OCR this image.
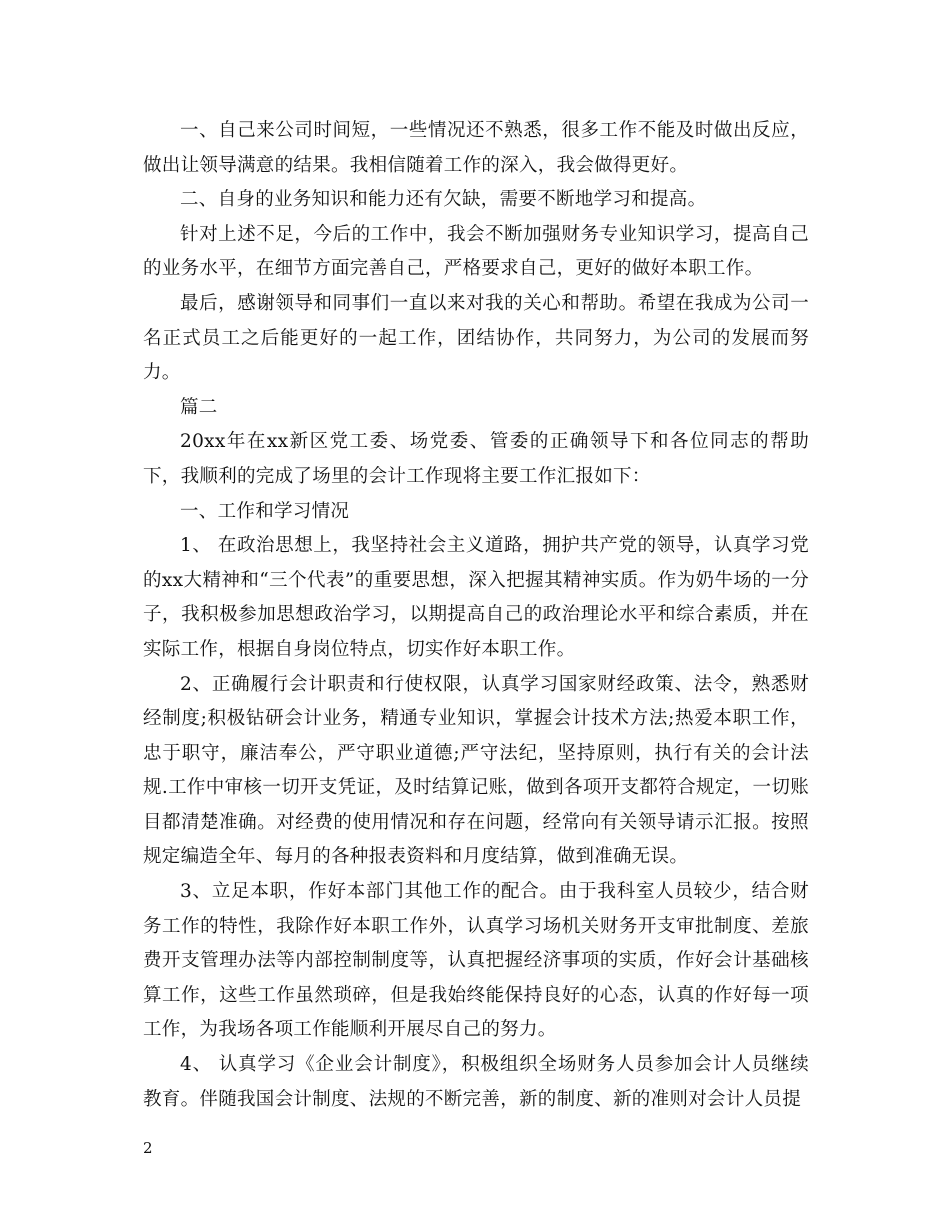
一、自己来公司时间短，一些情况还不熟悉，很多工作不能及时做出反应，做出让领导满意的结果。我相信随着工作的深入，我会做得更好。

二、自身的业务知识和能力还有欠缺，需要不断地学习和提高。

针对上述不足，今后的工作中，我会不断加强财务专业知识学习，提高自己的业务水平，在细节方面完善自己，严格要求自己，更好的做好本职工作。

最后，感谢领导和同事们一直以来对我的关心和帮助。希望在我成为公司一名正式员工之后能更好的一起工作，团结协作，共同努力，为公司的发展而努力。

篇二

20xx年在xx新区党工委、场党委、管委的正确领导下和各位同志的帮助下，我顺利的完成了场里的会计工作现将主要工作汇报如下：

一、工作和学习情况

1、 在政治思想上，我坚持社会主义道路，拥护共产党的领导，认真学习党的xx大精神和“三个代表”的重要思想，深入把握其精神实质。作为奶牛场的一分子，我积极参加思想政治学习，以期提高自己的政治理论水平和综合素质，并在实际工作，根据自身岗位特点，切实作好本职工作。

2、正确履行会计职责和行使权限，认真学习国家财经政策、法令，熟悉财经制度;积极钻研会计业务，精通专业知识，掌握会计技术方法;热爱本职工作，忠于职守，廉洁奉公，严守职业道德;严守法纪，坚持原则，执行有关的会计法规.工作中审核一切开支凭证，及时结算记账，做到各项开支都符合规定，一切账目都清楚准确。对经费的使用情况和存在问题，经常向有关领导请示汇报。按照规定编造全年、每月的各种报表资料和月度结算，做到准确无误。

3、立足本职，作好本部门其他工作的配合。由于我科室人员较少，结合财务工作的特性，我除作好本职工作外，认真学习场机关财务开支审批制度、差旅费开支管理办法等内部控制制度等，认真把握经济事项的实质，作好会计基础核算工作，这些工作虽然琐碎，但是我始终能保持良好的心态，认真的作好每一项工作，为我场各项工作能顺利开展尽自己的努力。

4、 认真学习《企业会计制度》，积极组织全场财务人员参加会计人员继续教育。伴随我国会计制度、法规的不断完善，新的制度、新的准则对会计人员提

2
